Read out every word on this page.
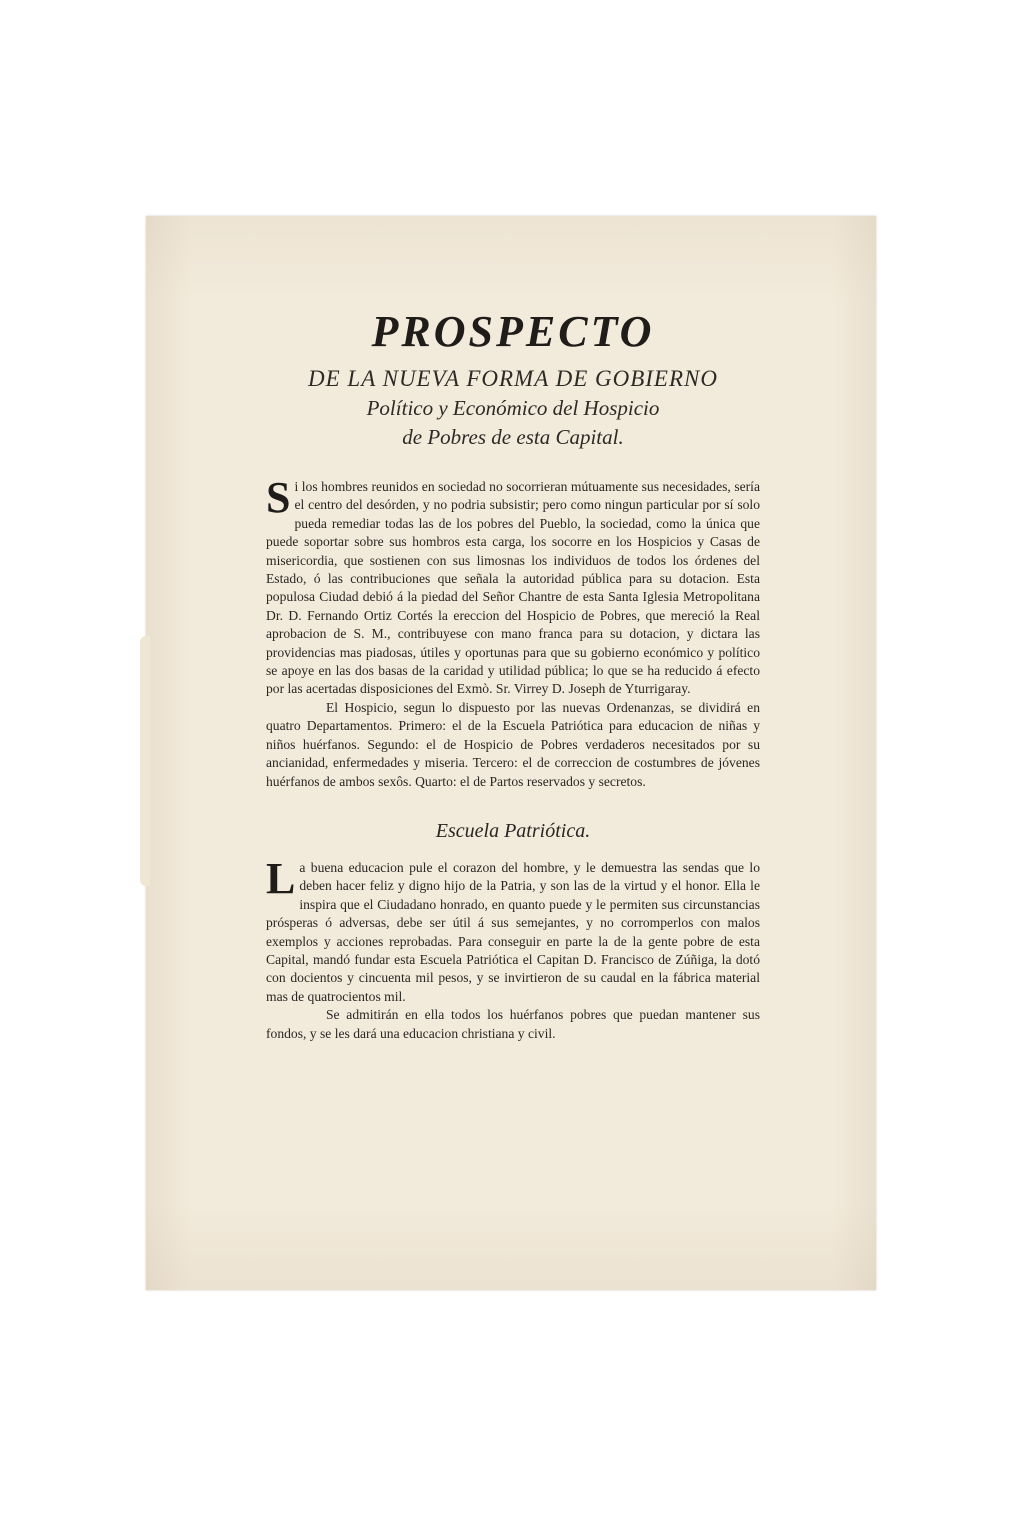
PROSPECTO
DE LA NUEVA FORMA DE GOBIERNO
Político y Económico del Hospicio
de Pobres de esta Capital.

Si los hombres reunidos en sociedad no socorrieran mútuamente sus necesidades, sería el centro del desórden, y no podria subsistir; pero como ningun particular por sí solo pueda remediar todas las de los pobres del Pueblo, la sociedad, como la única que puede soportar sobre sus hombros esta carga, los socorre en los Hospicios y Casas de misericordia, que sostienen con sus limosnas los individuos de todos los órdenes del Estado, ó las contribuciones que señala la autoridad pública para su dotacion. Esta populosa Ciudad debió á la piedad del Señor Chantre de esta Santa Iglesia Metropolitana Dr. D. Fernando Ortiz Cortés la ereccion del Hospicio de Pobres, que mereció la Real aprobacion de S. M., contribuyese con mano franca para su dotacion, y dictara las providencias mas piadosas, útiles y oportunas para que su gobierno económico y político se apoye en las dos basas de la caridad y utilidad pública; lo que se ha reducido á efecto por las acertadas disposiciones del Exmò. Sr. Virrey D. Joseph de Yturrigaray.

El Hospicio, segun lo dispuesto por las nuevas Ordenanzas, se dividirá en quatro Departamentos. Primero: el de la Escuela Patriótica para educacion de niñas y niños huérfanos. Segundo: el de Hospicio de Pobres verdaderos necesitados por su ancianidad, enfermedades y miseria. Tercero: el de correccion de costumbres de jóvenes huérfanos de ambos sexôs. Quarto: el de Partos reservados y secretos.

Escuela Patriótica.

La buena educacion pule el corazon del hombre, y le demuestra las sendas que lo deben hacer feliz y digno hijo de la Patria, y son las de la virtud y el honor. Ella le inspira que el Ciudadano honrado, en quanto puede y le permiten sus circunstancias prósperas ó adversas, debe ser útil á sus semejantes, y no corromperlos con malos exemplos y acciones reprobadas. Para conseguir en parte la de la gente pobre de esta Capital, mandó fundar esta Escuela Patriótica el Capitan D. Francisco de Zúñiga, la dotó con docientos y cincuenta mil pesos, y se invirtieron de su caudal en la fábrica material mas de quatrocientos mil.

Se admitirán en ella todos los huérfanos pobres que puedan mantener sus fondos, y se les dará una educacion christiana y civil.
